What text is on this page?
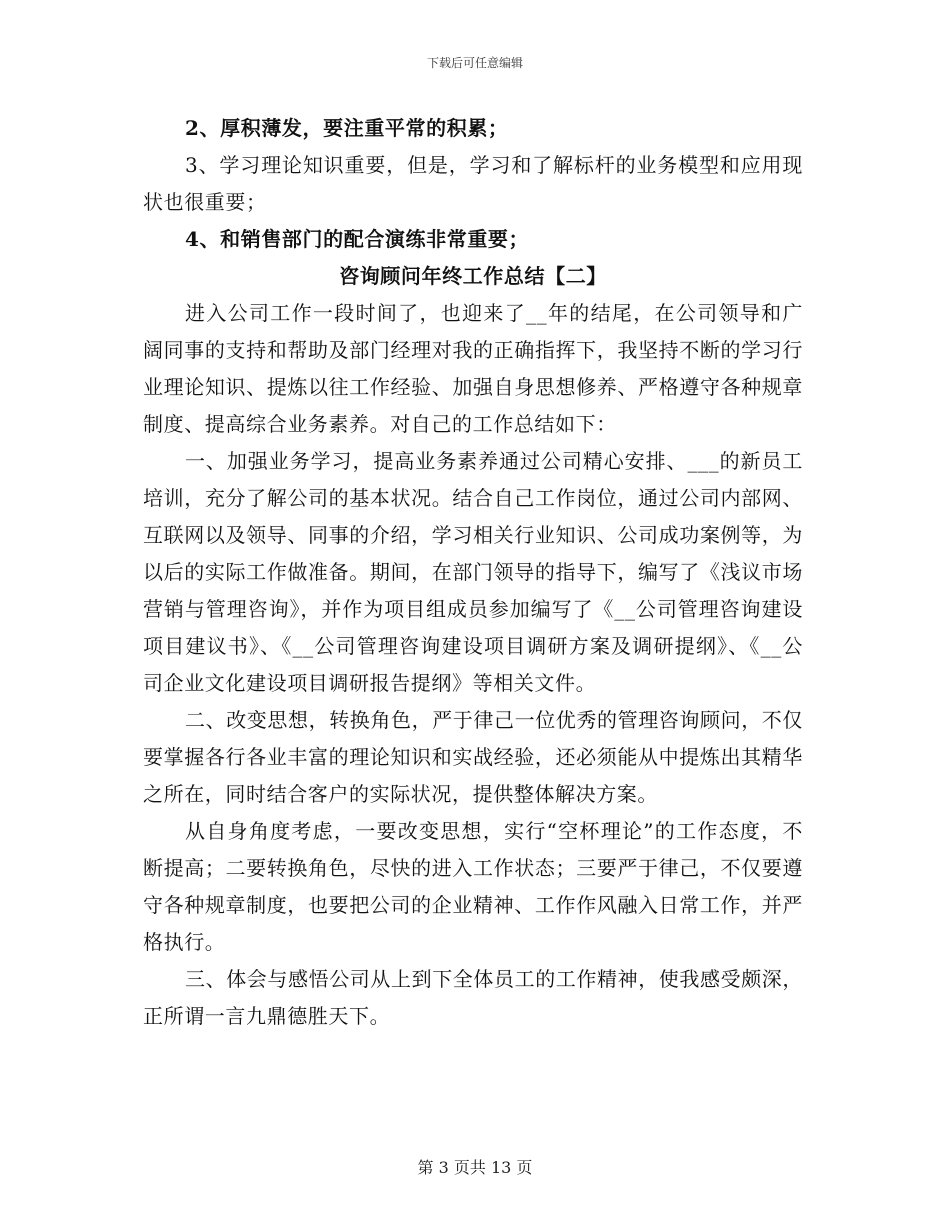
下载后可任意编辑

2、厚积薄发，要注重平常的积累；

3、学习理论知识重要，但是，学习和了解标杆的业务模型和应用现状也很重要；

4、和销售部门的配合演练非常重要；

咨询顾问年终工作总结【二】

进入公司工作一段时间了，也迎来了__年的结尾，在公司领导和广阔同事的支持和帮助及部门经理对我的正确指挥下，我坚持不断的学习行业理论知识、提炼以往工作经验、加强自身思想修养、严格遵守各种规章制度、提高综合业务素养。对自己的工作总结如下：

一、加强业务学习，提高业务素养通过公司精心安排、___的新员工培训，充分了解公司的基本状况。结合自己工作岗位，通过公司内部网、互联网以及领导、同事的介绍，学习相关行业知识、公司成功案例等，为以后的实际工作做准备。期间，在部门领导的指导下，编写了《浅议市场营销与管理咨询》，并作为项目组成员参加编写了《__公司管理咨询建设项目建议书》、《__公司管理咨询建设项目调研方案及调研提纲》、《__公司企业文化建设项目调研报告提纲》等相关文件。

二、改变思想，转换角色，严于律己一位优秀的管理咨询顾问，不仅要掌握各行各业丰富的理论知识和实战经验，还必须能从中提炼出其精华之所在，同时结合客户的实际状况，提供整体解决方案。

从自身角度考虑，一要改变思想，实行“空杯理论”的工作态度，不断提高；二要转换角色，尽快的进入工作状态；三要严于律己，不仅要遵守各种规章制度，也要把公司的企业精神、工作作风融入日常工作，并严格执行。

三、体会与感悟公司从上到下全体员工的工作精神，使我感受颇深，正所谓一言九鼎德胜天下。

第 3 页共 13 页
